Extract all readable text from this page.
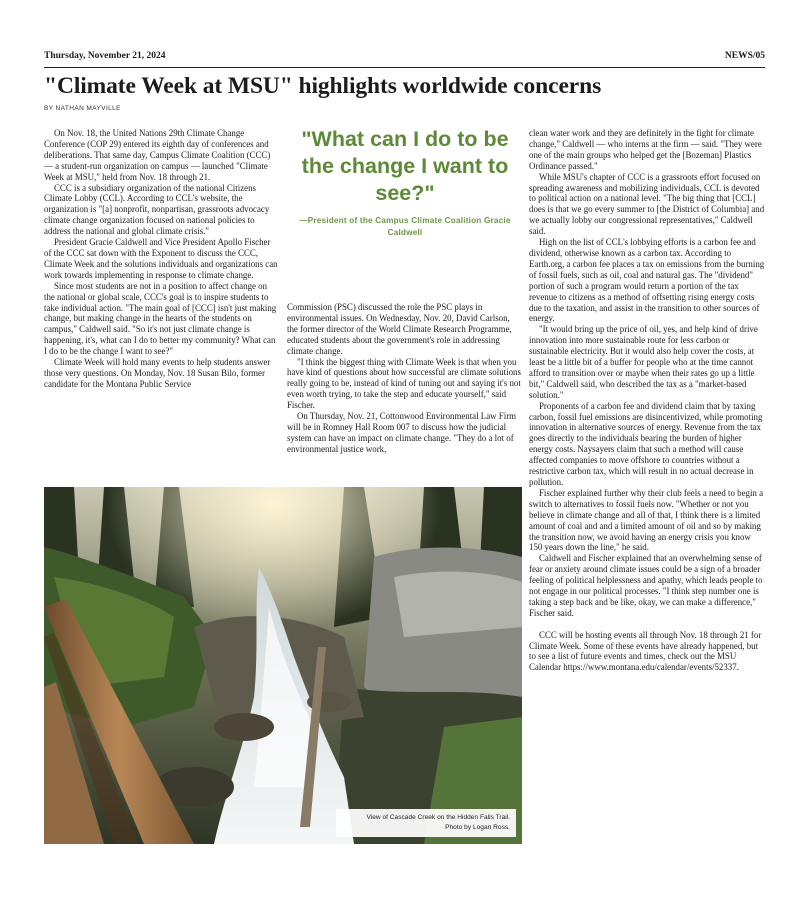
Thursday, November 21, 2024	NEWS/05
"Climate Week at MSU" highlights worldwide concerns
BY NATHAN MAYVILLE

On Nov. 18, the United Nations 29th Climate Change Conference (COP 29) entered its eighth day of conferences and deliberations. That same day, Campus Climate Coalition (CCC) — a student-run organization on campus — launched "Climate Week at MSU," held from Nov. 18 through 21.

CCC is a subsidiary organization of the national Citizens Climate Lobby (CCL). According to CCL's website, the organization is "[a] nonprofit, nonpartisan, grassroots advocacy climate change organization focused on national policies to address the national and global climate crisis."

President Gracie Caldwell and Vice President Apollo Fischer of the CCC sat down with the Exponent to discuss the CCC, Climate Week and the solutions individuals and organizations can work towards implementing in response to climate change.

Since most students are not in a position to affect change on the national or global scale, CCC's goal is to inspire students to take individual action. "The main goal of [CCC] isn't just making change, but making change in the hearts of the students on campus," Caldwell said. "So it's not just climate change is happening, it's, what can I do to better my community? What can I do to be the change I want to see?"

Climate Week will hold many events to help students answer those very questions. On Monday, Nov. 18 Susan Bilo, former candidate for the Montana Public Service

"What can I do to be the change I want to see?"
—President of the Campus Climate Coalition Gracie Caldwell

Commission (PSC) discussed the role the PSC plays in environmental issues. On Wednesday, Nov. 20, David Carlson, the former director of the World Climate Research Programme, educated students about the government's role in addressing climate change.

"I think the biggest thing with Climate Week is that when you have kind of questions about how successful are climate solutions really going to be, instead of kind of tuning out and saying it's not even worth trying, to take the step and educate yourself," said Fischer.

On Thursday, Nov. 21, Cottonwood Environmental Law Firm will be in Romney Hall Room 007 to discuss how the judicial system can have an impact on climate change. "They do a lot of environmental justice work,

clean water work and they are definitely in the fight for climate change," Caldwell — who interns at the firm — said. "They were one of the main groups who helped get the [Bozeman] Plastics Ordinance passed."

While MSU's chapter of CCC is a grassroots effort focused on spreading awareness and mobilizing individuals, CCL is devoted to political action on a national level. "The big thing that [CCL] does is that we go every summer to [the District of Columbia] and we actually lobby our congressional representatives," Caldwell said.

High on the list of CCL's lobbying efforts is a carbon fee and dividend, otherwise known as a carbon tax. According to Earth.org, a carbon fee places a tax on emissions from the burning of fossil fuels, such as oil, coal and natural gas. The "dividend" portion of such a program would return a portion of the tax revenue to citizens as a method of offsetting rising energy costs due to the taxation, and assist in the transition to other sources of energy.

"It would bring up the price of oil, yes, and help kind of drive innovation into more sustainable route for less carbon or sustainable electricity. But it would also help cover the costs, at least be a little bit of a buffer for people who at the time cannot afford to transition over or maybe when their rates go up a little bit," Caldwell said, who described the tax as a "market-based solution."

Proponents of a carbon fee and dividend claim that by taxing carbon, fossil fuel emissions are disincentivized, while promoting innovation in alternative sources of energy. Revenue from the tax goes directly to the individuals bearing the burden of higher energy costs. Naysayers claim that such a method will cause affected companies to move offshore to countries without a restrictive carbon tax, which will result in no actual decrease in pollution.

Fischer explained further why their club feels a need to begin a switch to alternatives to fossil fuels now. "Whether or not you believe in climate change and all of that, I think there is a limited amount of coal and and a limited amount of oil and so by making the transition now, we avoid having an energy crisis you know 150 years down the line," he said.

Caldwell and Fischer explained that an overwhelming sense of fear or anxiety around climate issues could be a sign of a broader feeling of political helplessness and apathy, which leads people to not engage in our political processes. "I think step number one is taking a step back and be like, okay, we can make a difference," Fischer said.

CCC will be hosting events all through Nov. 18 through 21 for Climate Week. Some of these events have already happened, but to see a list of future events and times, check out the MSU Calendar https://www.montana.edu/calendar/events/52337.

View of Cascade Creek on the Hidden Falls Trail.
Photo by Logan Ross.
